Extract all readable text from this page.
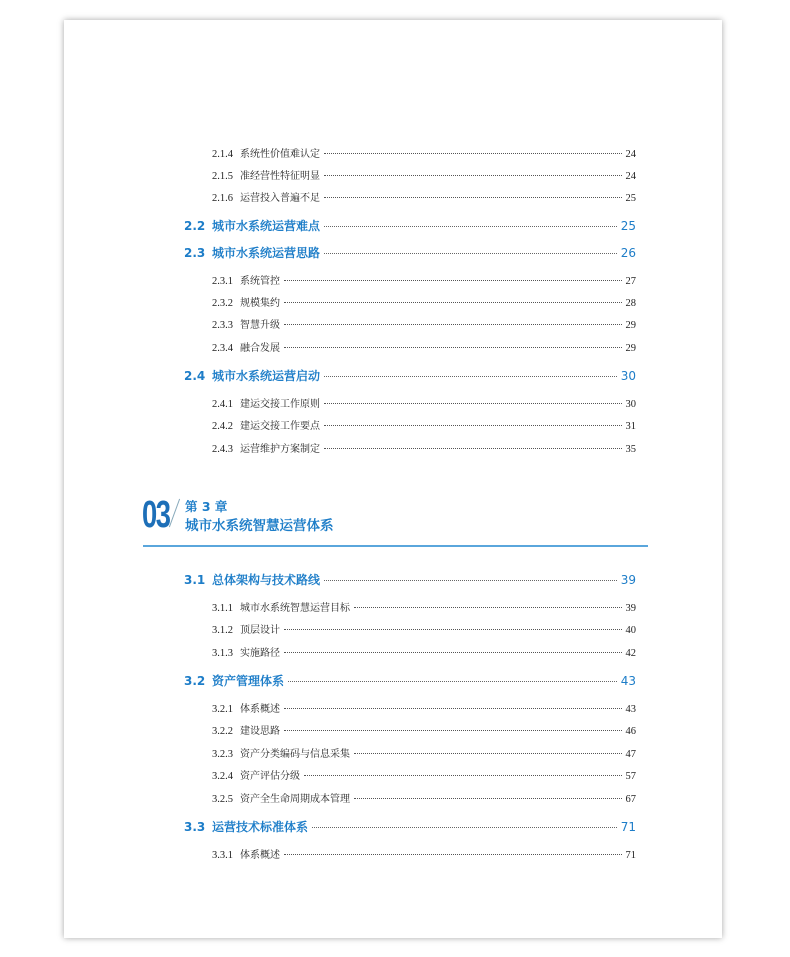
2.1.4 系统性价值难认定	24
2.1.5 准经营性特征明显	24
2.1.6 运营投入普遍不足	25
2.2 城市水系统运营难点	25
2.3 城市水系统运营思路	26
2.3.1 系统管控	27
2.3.2 规模集约	28
2.3.3 智慧升级	29
2.3.4 融合发展	29
2.4 城市水系统运营启动	30
2.4.1 建运交接工作原则	30
2.4.2 建运交接工作要点	31
2.4.3 运营维护方案制定	35
03 第 3 章
城市水系统智慧运营体系
3.1 总体架构与技术路线	39
3.1.1 城市水系统智慧运营目标	39
3.1.2 顶层设计	40
3.1.3 实施路径	42
3.2 资产管理体系	43
3.2.1 体系概述	43
3.2.2 建设思路	46
3.2.3 资产分类编码与信息采集	47
3.2.4 资产评估分级	57
3.2.5 资产全生命周期成本管理	67
3.3 运营技术标准体系	71
3.3.1 体系概述	71
